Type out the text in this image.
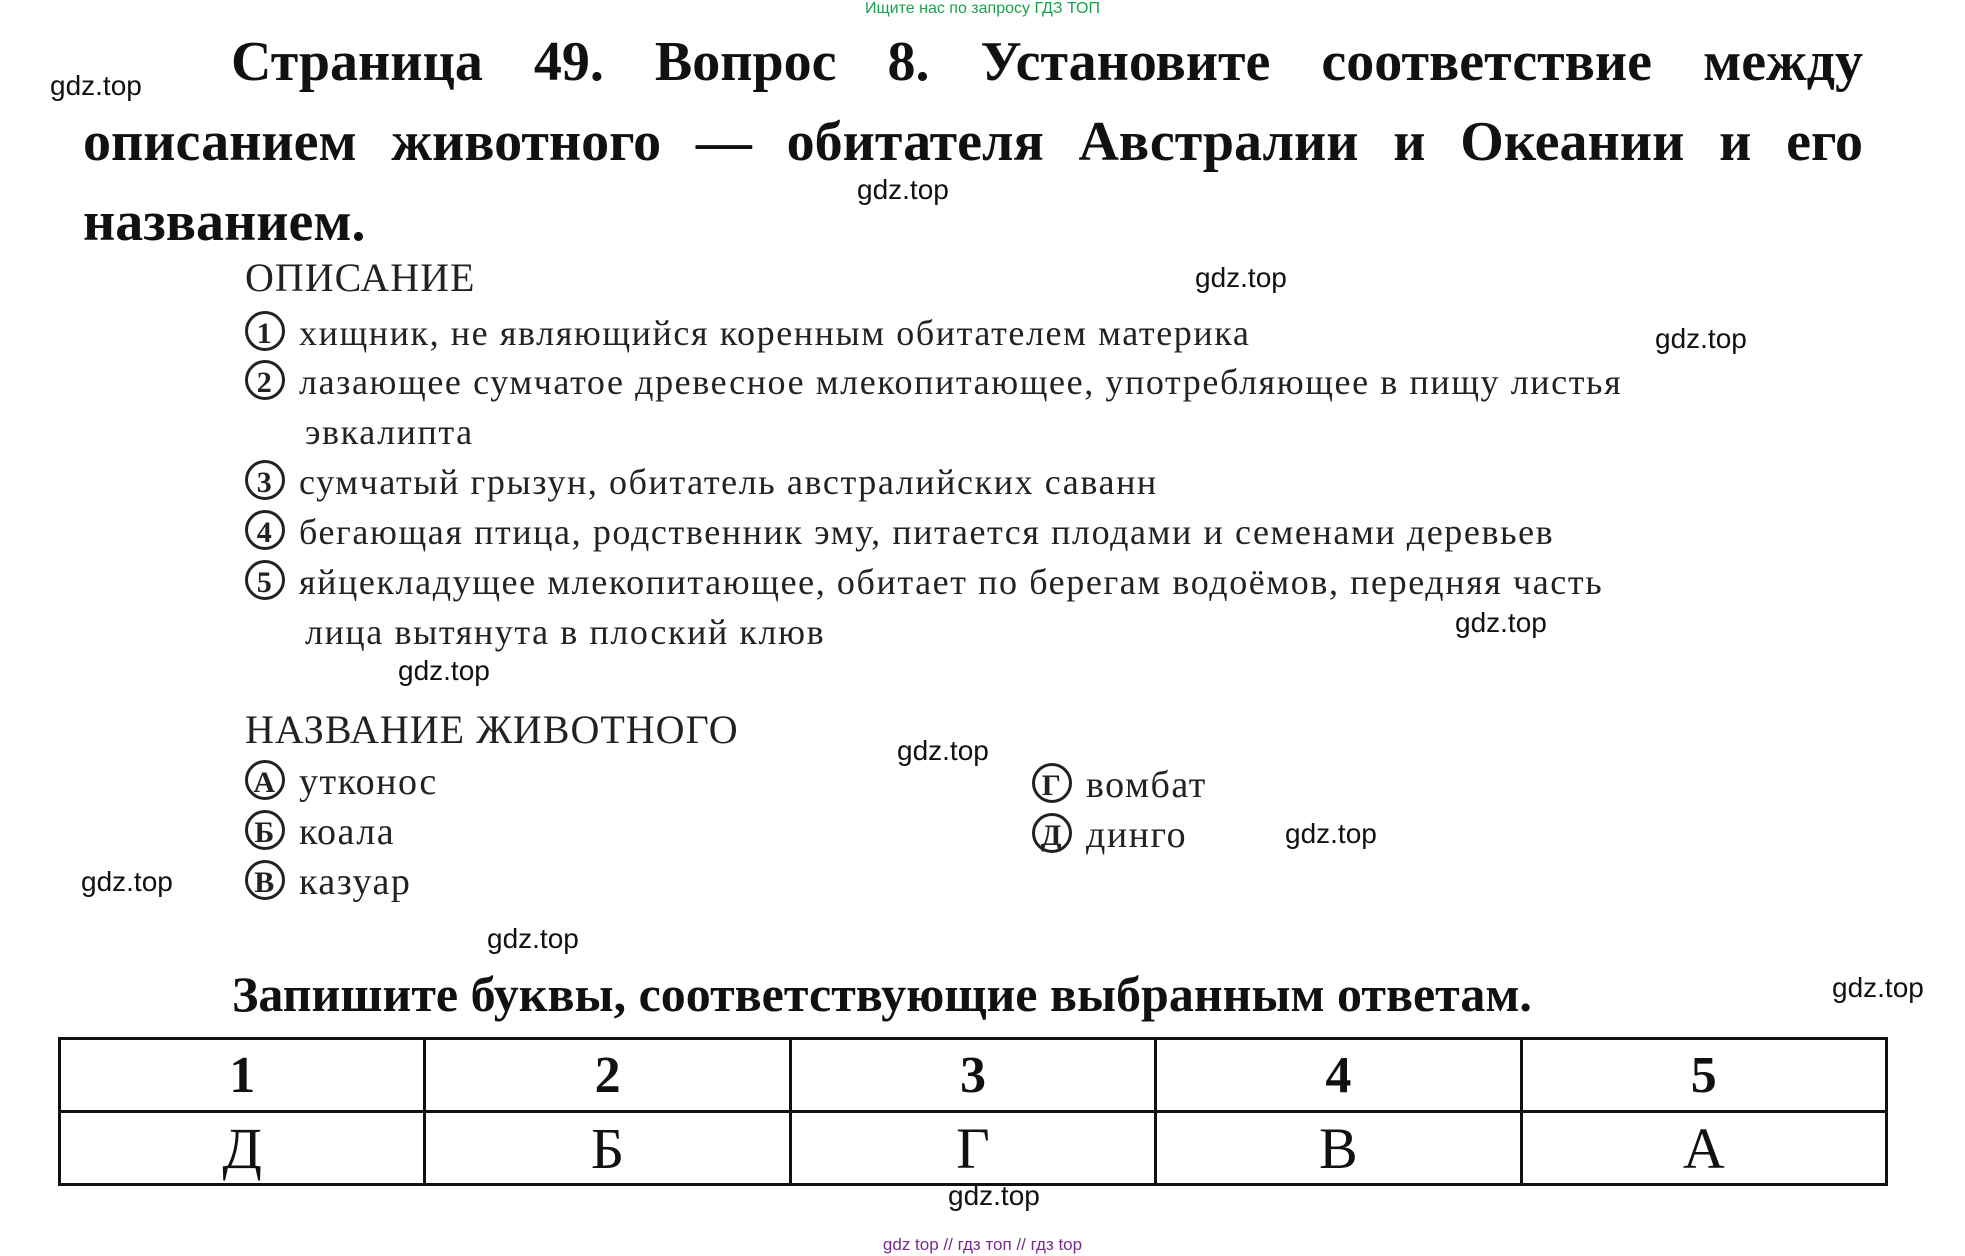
Ищите нас по запросу ГДЗ ТОП
gdz.top
gdz.top
gdz.top
gdz.top
gdz.top
gdz.top
gdz.top
gdz.top
gdz.top
gdz.top
gdz.top
gdz.top
Страница 49. Вопрос 8. Установите соответствие между
описанием животного — обитателя Австралии и Океании и его
названием.
ОПИСАНИЕ
1 хищник, не являющийся коренным обитателем материка
2 лазающее сумчатое древесное млекопитающее, употребляющее в пищу листья
эвкалипта
3 сумчатый грызун, обитатель австралийских саванн
4 бегающая птица, родственник эму, питается плодами и семенами деревьев
5 яйцекладущее млекопитающее, обитает по берегам водоёмов, передняя часть
лица вытянута в плоский клюв
НАЗВАНИЕ ЖИВОТНОГО
А утконос
Б коала
В казуар
Г вомбат
Д динго
Запишите буквы, соответствующие выбранным ответам.
1	2	3	4	5
Д	Б	Г	В	А
gdz top // гдз топ // гдз top
